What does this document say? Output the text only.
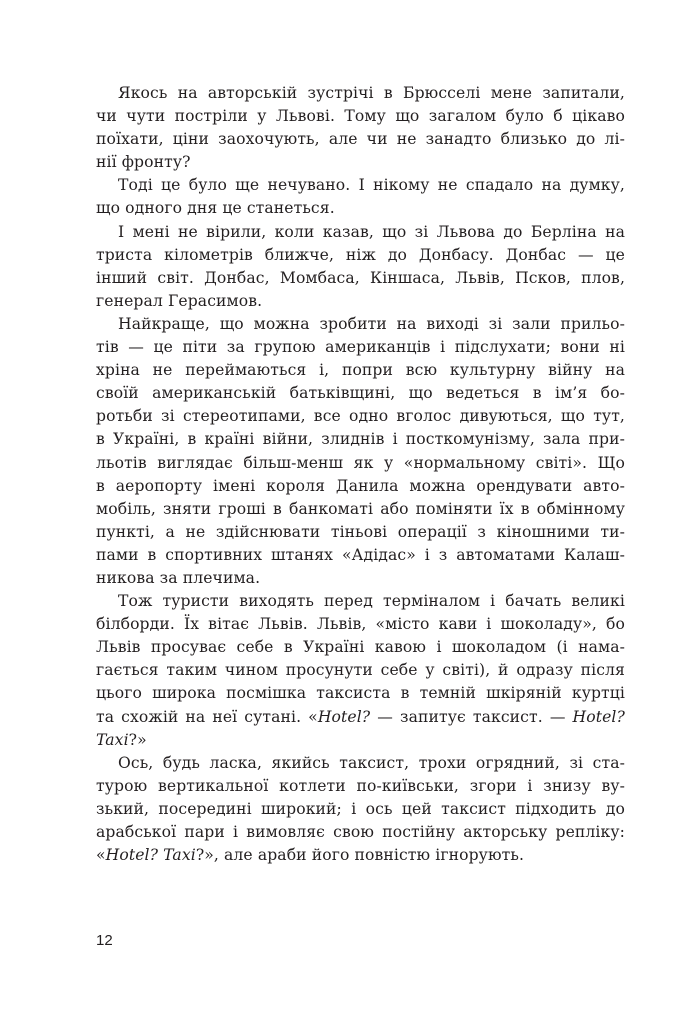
Якось на авторській зустрічі в Брюсселі мене запитали,
чи чути постріли у Львові. Тому що загалом було б цікаво
поїхати, ціни заохочують, але чи не занадто близько до лі-
нії фронту?
Тоді це було ще нечувано. І нікому не спадало на думку,
що одного дня це станеться.
І мені не вірили, коли казав, що зі Львова до Берліна на
триста кілометрів ближче, ніж до Донбасу. Донбас — це
інший світ. Донбас, Момбаса, Кіншаса, Львів, Псков, плов,
генерал Герасимов.
Найкраще, що можна зробити на виході зі зали прильо-
тів — це піти за групою американців і підслухати; вони ні
хріна не переймаються і, попри всю культурну війну на
своїй американській батьківщині, що ведеться в ім’я бо-
ротьби зі стереотипами, все одно вголос дивуються, що тут,
в Україні, в країні війни, злиднів і посткомунізму, зала при-
льотів виглядає більш-менш як у «нормальному світі». Що
в аеропорту імені короля Данила можна орендувати авто-
мобіль, зняти гроші в банкоматі або поміняти їх в обмінному
пункті, а не здійснювати тіньові операції з кіношними ти-
пами в спортивних штанях «Адідас» і з автоматами Калаш-
никова за плечима.
Тож туристи виходять перед терміналом і бачать великі
білборди. Їх вітає Львів. Львів, «місто кави і шоколаду», бо
Львів просуває себе в Україні кавою і шоколадом (і нама-
гається таким чином просунути себе у світі), й одразу після
цього широка посмішка таксиста в темній шкіряній куртці
та схожій на неї сутані. «Hotel? — запитує таксист. — Hotel?
Taxi?»
Ось, будь ласка, якийсь таксист, трохи огрядний, зі ста-
турою вертикальної котлети по-київськи, згори і знизу ву-
зький, посередині широкий; і ось цей таксист підходить до
арабської пари і вимовляє свою постійну акторську репліку:
«Hotel? Taxi?», але араби його повністю ігнорують.
12
